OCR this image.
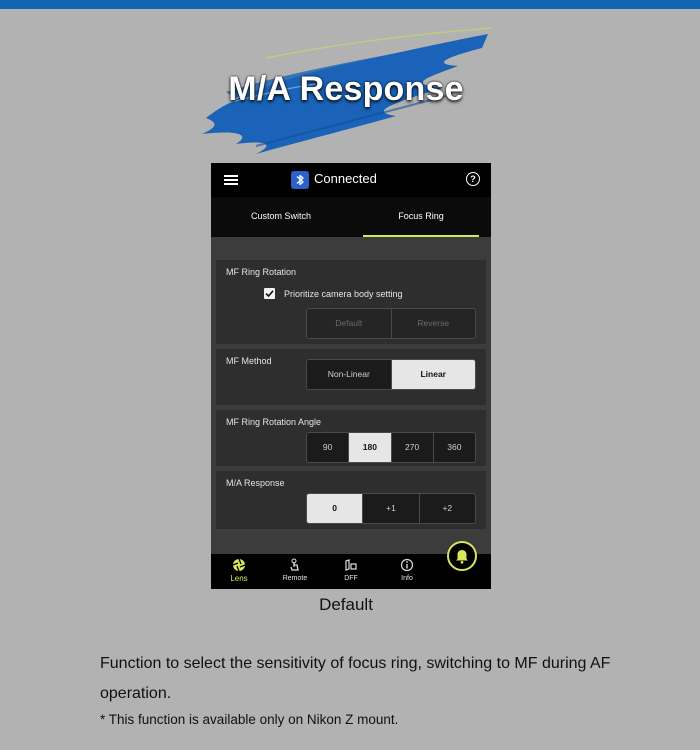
M/A Response
Connected	?
Custom Switch	Focus Ring
MF Ring Rotation
Prioritize camera body setting
Default	Reverse
MF Method
Non-Linear	Linear
MF Ring Rotation Angle
90	180	270	360
M/A Response
0	+1	+2
Lens	Remote	DFF	Info
Default
Function to select the sensitivity of focus ring, switching to MF during AF operation.
* This function is available only on Nikon Z mount.
